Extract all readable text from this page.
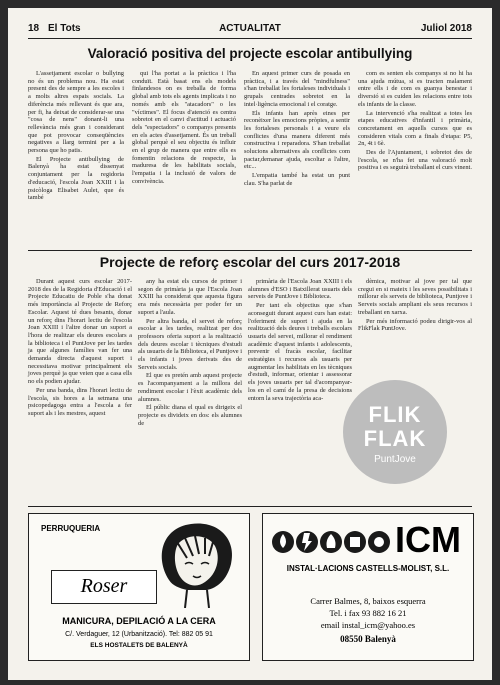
18 El Tots	ACTUALITAT	Juliol 2018
Valoració positiva del projecte escolar antibullying

L'assetjament escolar o bullying no és un problema nou. Ha estat present des de sempre a les escoles i a molts altres espais socials. La diferència més rellevant és que ara, per fi, ha deixat de considerar-se una "cosa de nens" donant-li una rellevància més gran i considerant que pot provocar conseqüències negatives a llarg termini per a la persona que ho patis.

El Projecte antibullying de Balenyà ha estat dissenyat conjuntament per la regidoria d'educació, l'escola Joan XXIII i la psicòloga Elisabet Aulet, que és també

qui l'ha portat a la pràctica i l'ha conduït. Està basat ens els models finlandesos on es treballa de forma global amb tots els agents implicats i no només amb els "atacadors" o les "víctimes". El focus d'atenció es centra sobretot en el canvi d'actitud i actuació dels "espectadors" o companys presents en els actes d'assetjament. És un treball global perquè el seu objectiu és influir en el grup de manera que entre ells es fomentin relacions de respecte, la maduresa de les habilitats socials, l'empatia i la inclusió de valors de convivència.

En aquest primer curs de posada en pràctica, i a través del "mindfulness" s'han treballat les fortaleses individuals i grupals centrades sobretot en la intel·ligència emocional i el coratge.

Els infants han après eines per reconèixer les emocions pròpies, a sentir les fortaleses personals i a veure els conflictes d'una manera diferent més constructiva i reparadora. S'han treballat solucions alternatives als conflictes com pactar,demanar ajuda, escoltar a l'altre, etc...

L'empatia també ha estat un punt clau. S'ha parlat de

com es senten els companys si no hi ha una ajuda mútua, si es tracten malament entre ells i de com es guanya benestar i diversió si es cuiden les relacions entre tots els infants de la classe.

La intervenció s'ha realitzat a totes les etapes educatives d'infantil i primària, concretament en aquells cursos que es consideren vitals com a finals d'etapa: P5, 2n, 4t i 6è.

Des de l'Ajuntament, i sobretot des de l'escola, se n'ha fet una valoració molt positiva i es seguirà treballant el curs vinent.

Projecte de reforç escolar del curs 2017-2018

Durant aquest curs escolar 2017-2018 des de la Regidoria d'Educació i el Projecte Educatiu de Poble s'ha donat més importància al Projecte de Reforç Escolar. Aquest té dues besants, donar un reforç dins l'horari lectiu de l'escola Joan XXIII i l'altre donar un suport a l'hora de realitzar els deures escolars a la biblioteca i el PuntJove per les tardes ja que algunes famílies van fer una demanda directa d'aquest suport i necessitava motivar principalment els joves perquè ja que veien que a casa ells no els podien ajudar.

Per una banda, dins l'horari lectiu de l'escola, sis hores a la setmana una psicopedagoga entra a l'escola a fer suport als i les mestres, aquest

any ha estat els cursos de primer i segon de primària ja que l'Escola Joan XXIII ha considerat que aquesta figura era més necessària per poder fer un suport a l'aula.

Per altra banda, el servei de reforç escolar a les tardes, realitzat per dos professors oferia suport a la realització dels deures escolar i tècniques d'estudi als usuaris de la Biblioteca, el Puntjove i els infants i joves derivats des de Serveis socials.

El que es pretén amb aquest projecte es l'acompanyament a la millora del rendiment escolar i l'èxit acadèmic dels alumnes.

El públic diana el qual es dirigeix el projecte es divideix en dos: els alumnes de

primària de l'Escola Joan XXIII i els alumnes d'ESO i Batxillerat usuaris dels serveis de PuntJove i Biblioteca.

Per tant els objectius que s'han aconseguit durant aquest curs han estat: l'oferiment de suport i ajuda en la realització dels deures i treballs escolars usuaris del servei, millorar el rendiment acadèmic d'aquest infants i adolescents, prevenir el fracàs escolar, facilitar estratègies i recursos als usuaris per augmentar les habilitats en les tècniques d'estudi, informar, orientar i assessorar els joves usuaris per tal d'acompanyar-los en el camí de la presa de decisions entorn la seva trajectòria aca-

dèmica, motivar al jove per tal que cregui en si mateix i les seves possibilitats i millorar els serveis de biblioteca, Puntjove i Serveis socials ampliant els seus recursos i treballant en xarxa.

Per més informació podeu dirigir-vos al FlikFlak PuntJove.

FLIK
FLAK
PuntJove
PERRUQUERIA
Roser
MANICURA, DEPILACIÓ A LA CERA
C/. Verdaguer, 12 (Urbanització). Tel: 882 05 91
ELS HOSTALETS DE BALENYÀ
ICM
INSTAL·LACIONS CASTELLS-MOLIST, S.L.
Carrer Balmes, 8, baixos esquerra
Tel. i fax 93 882 16 21
email instal_icm@yahoo.es
08550 Balenyà
